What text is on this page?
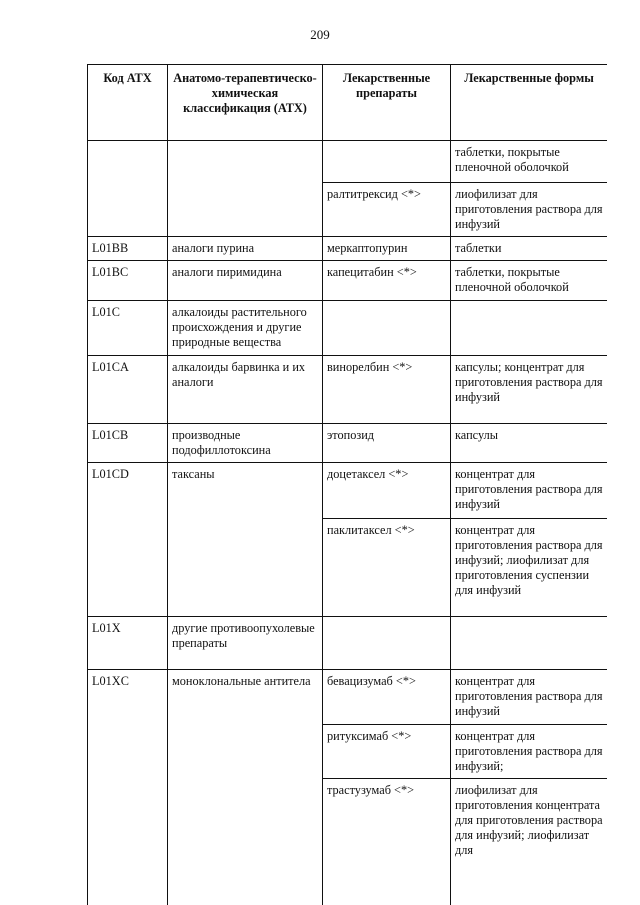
209
Код АТХ	Анатомо-терапевтическо-химическая классификация (АТХ)	Лекарственные препараты	Лекарственные формы
			таблетки, покрытые пленочной оболочкой
		ралтитрексид <*>	лиофилизат для приготовления раствора для инфузий
L01BB	аналоги пурина	меркаптопурин	таблетки
L01BC	аналоги пиримидина	капецитабин <*>	таблетки, покрытые пленочной оболочкой
L01C	алкалоиды растительного происхождения и другие природные вещества		
L01CA	алкалоиды барвинка и их аналоги	винорелбин <*>	капсулы; концентрат для приготовления раствора для инфузий
L01CB	производные подофиллотоксина	этопозид	капсулы
L01CD	таксаны	доцетаксел <*>	концентрат для приготовления раствора для инфузий
		паклитаксел <*>	концентрат для приготовления раствора для инфузий; лиофилизат для приготовления суспензии для инфузий
L01X	другие противоопухолевые препараты		
L01XC	моноклональные антитела	бевацизумаб <*>	концентрат для приготовления раствора для инфузий
		ритуксимаб <*>	концентрат для приготовления раствора для инфузий;
		трастузумаб <*>	лиофилизат для приготовления концентрата для приготовления раствора для инфузий; лиофилизат для
